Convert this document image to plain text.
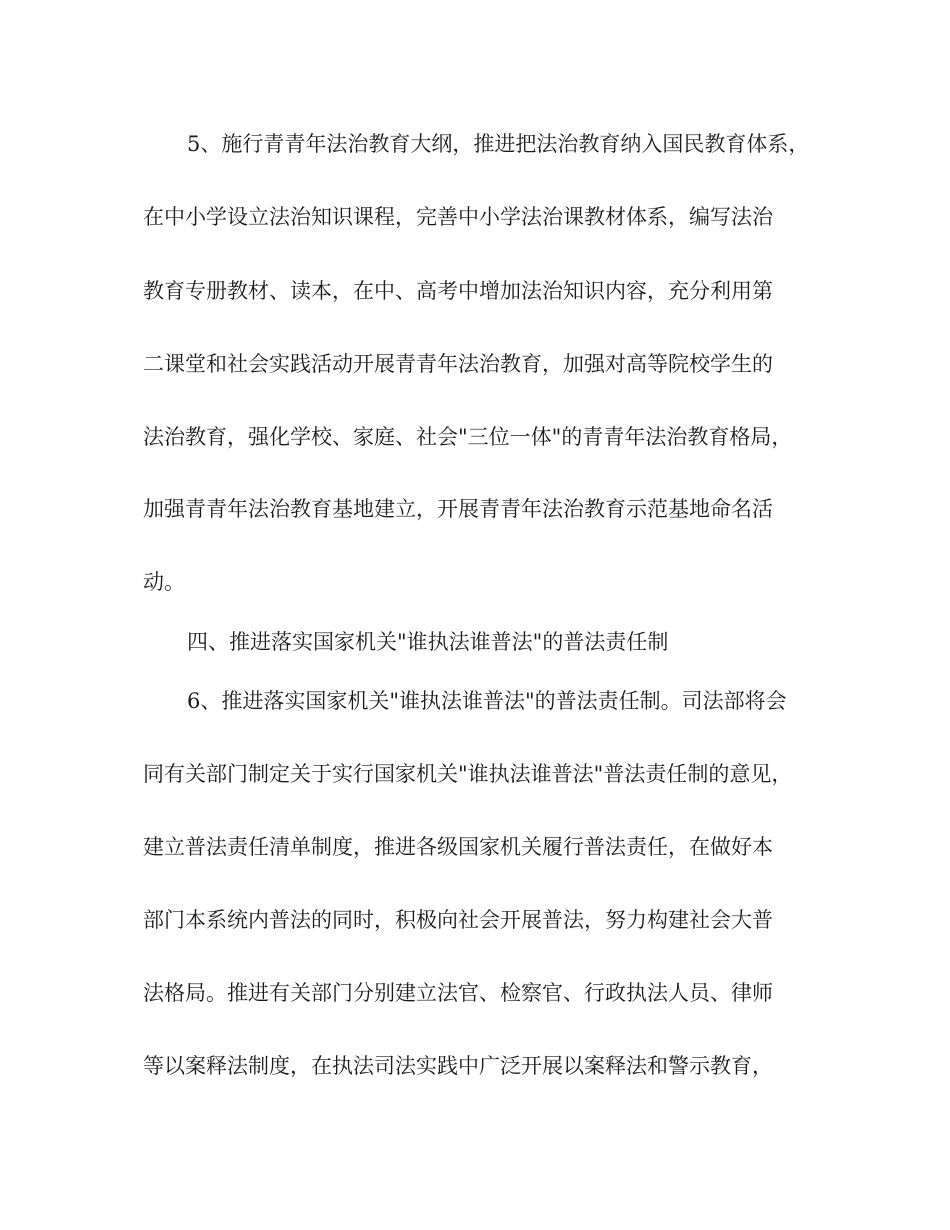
5、施行青青年法治教育大纲，推进把法治教育纳入国民教育体系，
在中小学设立法治知识课程，完善中小学法治课教材体系，编写法治
教育专册教材、读本，在中、高考中增加法治知识内容，充分利用第
二课堂和社会实践活动开展青青年法治教育，加强对高等院校学生的
法治教育，强化学校、家庭、社会"三位一体"的青青年法治教育格局，
加强青青年法治教育基地建立，开展青青年法治教育示范基地命名活
动。
四、推进落实国家机关"谁执法谁普法"的普法责任制
6、推进落实国家机关"谁执法谁普法"的普法责任制。司法部将会
同有关部门制定关于实行国家机关"谁执法谁普法"普法责任制的意见，
建立普法责任清单制度，推进各级国家机关履行普法责任，在做好本
部门本系统内普法的同时，积极向社会开展普法，努力构建社会大普
法格局。推进有关部门分别建立法官、检察官、行政执法人员、律师
等以案释法制度，在执法司法实践中广泛开展以案释法和警示教育，
